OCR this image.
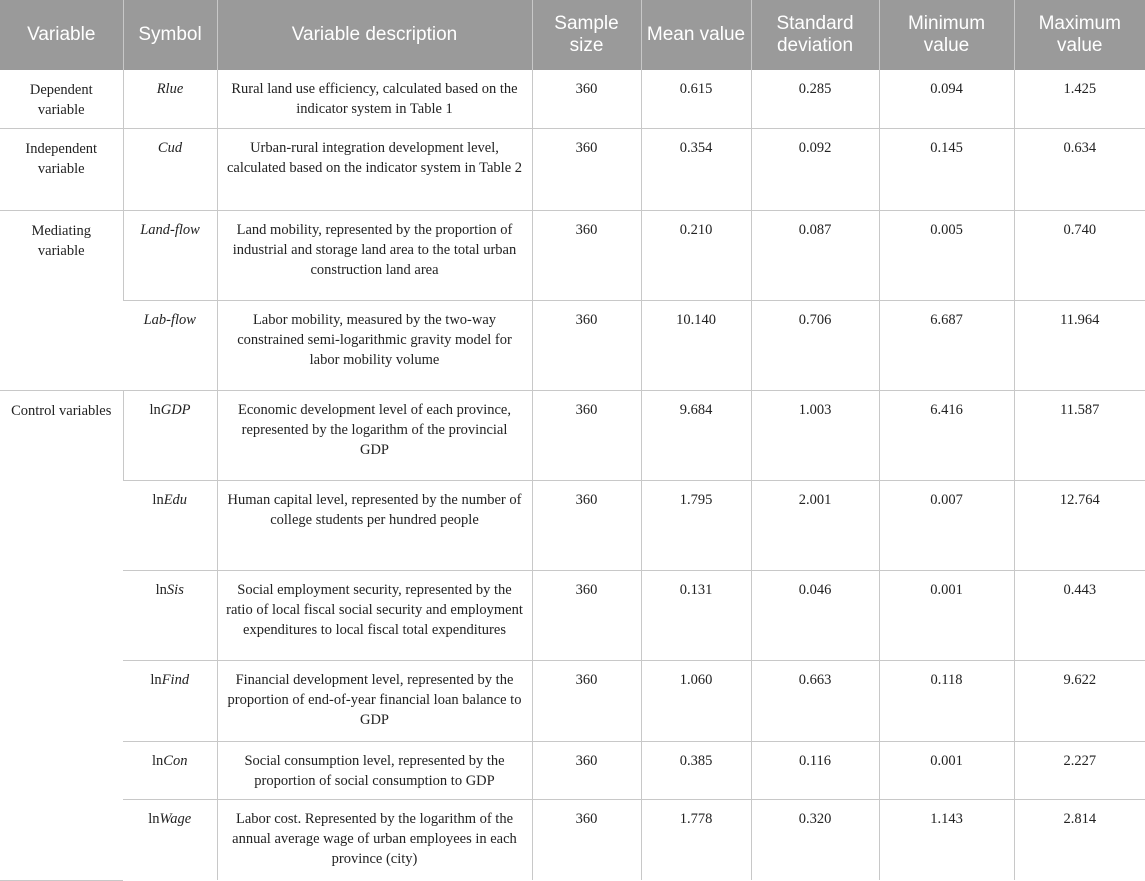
Variable	Symbol	Variable description	Sample size	Mean value	Standard deviation	Minimum value	Maximum value
Dependent variable	Rlue	Rural land use efficiency, calculated based on the indicator system in Table 1	360	0.615	0.285	0.094	1.425
Independent variable	Cud	Urban-rural integration development level, calculated based on the indicator system in Table 2	360	0.354	0.092	0.145	0.634
Mediating variable	Land-flow	Land mobility, represented by the proportion of industrial and storage land area to the total urban construction land area	360	0.210	0.087	0.005	0.740
	Lab-flow	Labor mobility, measured by the two-way constrained semi-logarithmic gravity model for labor mobility volume	360	10.140	0.706	6.687	11.964
Control variables	lnGDP	Economic development level of each province, represented by the logarithm of the provincial GDP	360	9.684	1.003	6.416	11.587
	lnEdu	Human capital level, represented by the number of college students per hundred people	360	1.795	2.001	0.007	12.764
	lnSis	Social employment security, represented by the ratio of local fiscal social security and employment expenditures to local fiscal total expenditures	360	0.131	0.046	0.001	0.443
	lnFind	Financial development level, represented by the proportion of end-of-year financial loan balance to GDP	360	1.060	0.663	0.118	9.622
	lnCon	Social consumption level, represented by the proportion of social consumption to GDP	360	0.385	0.116	0.001	2.227
	lnWage	Labor cost. Represented by the logarithm of the annual average wage of urban employees in each province (city)	360	1.778	0.320	1.143	2.814
